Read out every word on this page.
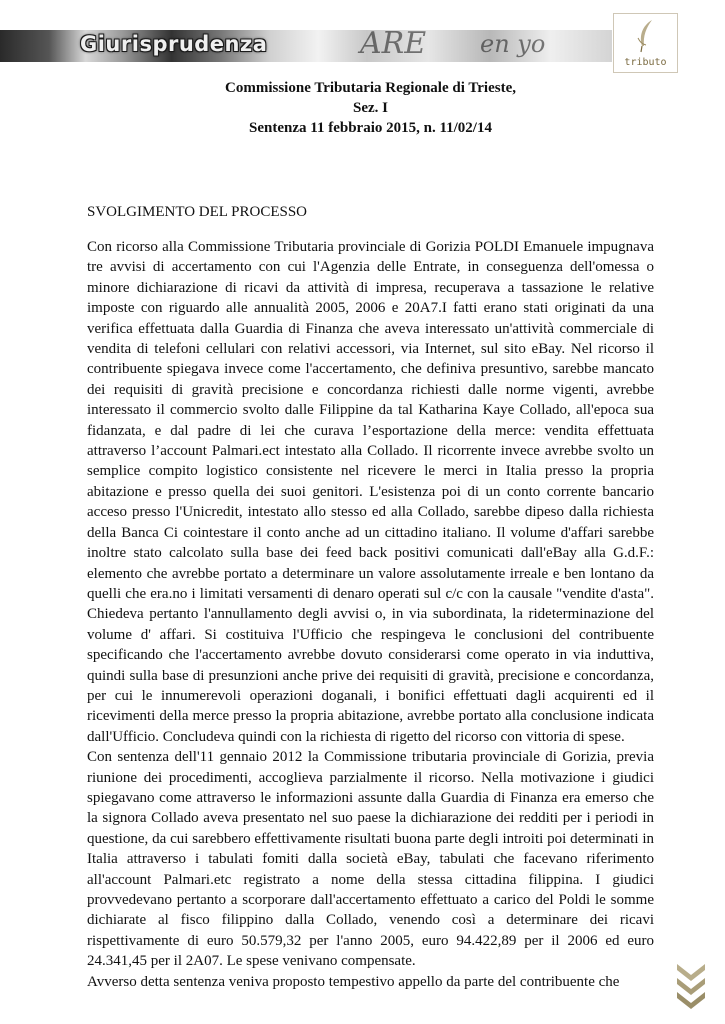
ARE en yo
Giurisprudenza
tributo
Commissione Tributaria Regionale di Trieste,
Sez. I
Sentenza 11 febbraio 2015, n. 11/02/14
SVOLGIMENTO DEL PROCESSO

Con ricorso alla Commissione Tributaria provinciale di Gorizia POLDI Emanuele impugnava tre avvisi di accertamento con cui l'Agenzia delle Entrate, in conseguenza dell'omessa o minore dichiarazione di ricavi da attività di impresa, recuperava a tassazione le relative imposte con riguardo alle annualità 2005, 2006 e 20A7.I fatti erano stati originati da una verifica effettuata dalla Guardia di Finanza che aveva interessato un'attività commerciale di vendita di telefoni cellulari con relativi accessori, via Internet, sul sito eBay. Nel ricorso il contribuente spiegava invece come l'accertamento, che definiva presuntivo, sarebbe mancato dei requisiti di gravità precisione e concordanza richiesti dalle norme vigenti, avrebbe interessato il commercio svolto dalle Filippine da tal Katharina Kaye Collado, all'epoca sua fidanzata, e dal padre di lei che curava l’esportazione della merce: vendita effettuata attraverso l’account Palmari.ect intestato alla Collado. Il ricorrente invece avrebbe svolto un semplice compito logistico consistente nel ricevere le merci in Italia presso la propria abitazione e presso quella dei suoi genitori. L'esistenza poi di un conto corrente bancario acceso presso l'Unicredit, intestato allo stesso ed alla Collado, sarebbe dipeso dalla richiesta della Banca Ci cointestare il conto anche ad un cittadino italiano. Il volume d'affari sarebbe inoltre stato calcolato sulla base dei feed back positivi comunicati dall'eBay alla G.d.F.: elemento che avrebbe portato a determinare un valore assolutamente irreale e ben lontano da quelli che era.no i limitati versamenti di denaro operati sul c/c con la causale "vendite d'asta". Chiedeva pertanto l'annullamento degli avvisi o, in via subordinata, la rideterminazione del volume d' affari. Si costituiva l'Ufficio che respingeva le conclusioni del contribuente specificando che l'accertamento avrebbe dovuto considerarsi come operato in via induttiva, quindi sulla base di presunzioni anche prive dei requisiti di gravità, precisione e concordanza, per cui le innumerevoli operazioni doganali, i bonifici effettuati dagli acquirenti ed il ricevimenti della merce presso la propria abitazione, avrebbe portato alla conclusione indicata dall'Ufficio. Concludeva quindi con la richiesta di rigetto del ricorso con vittoria di spese.

Con sentenza dell'11 gennaio 2012 la Commissione tributaria provinciale di Gorizia, previa riunione dei procedimenti, accoglieva parzialmente il ricorso. Nella motivazione i giudici spiegavano come attraverso le informazioni assunte dalla Guardia di Finanza era emerso che la signora Collado aveva presentato nel suo paese la dichiarazione dei redditi per i periodi in questione, da cui sarebbero effettivamente risultati buona parte degli introiti poi determinati in Italia attraverso i tabulati fomiti dalla società eBay, tabulati che facevano riferimento all'account Palmari.etc registrato a nome della stessa cittadina filippina. I giudici provvedevano pertanto a scorporare dall'accertamento effettuato a carico del Poldi le somme dichiarate al fisco filippino dalla Collado, venendo così a determinare dei ricavi rispettivamente di euro 50.579,32 per l'anno 2005, euro 94.422,89 per il 2006 ed euro 24.341,45 per il 2A07. Le spese venivano compensate.

Avverso detta sentenza veniva proposto tempestivo appello da parte del contribuente che
